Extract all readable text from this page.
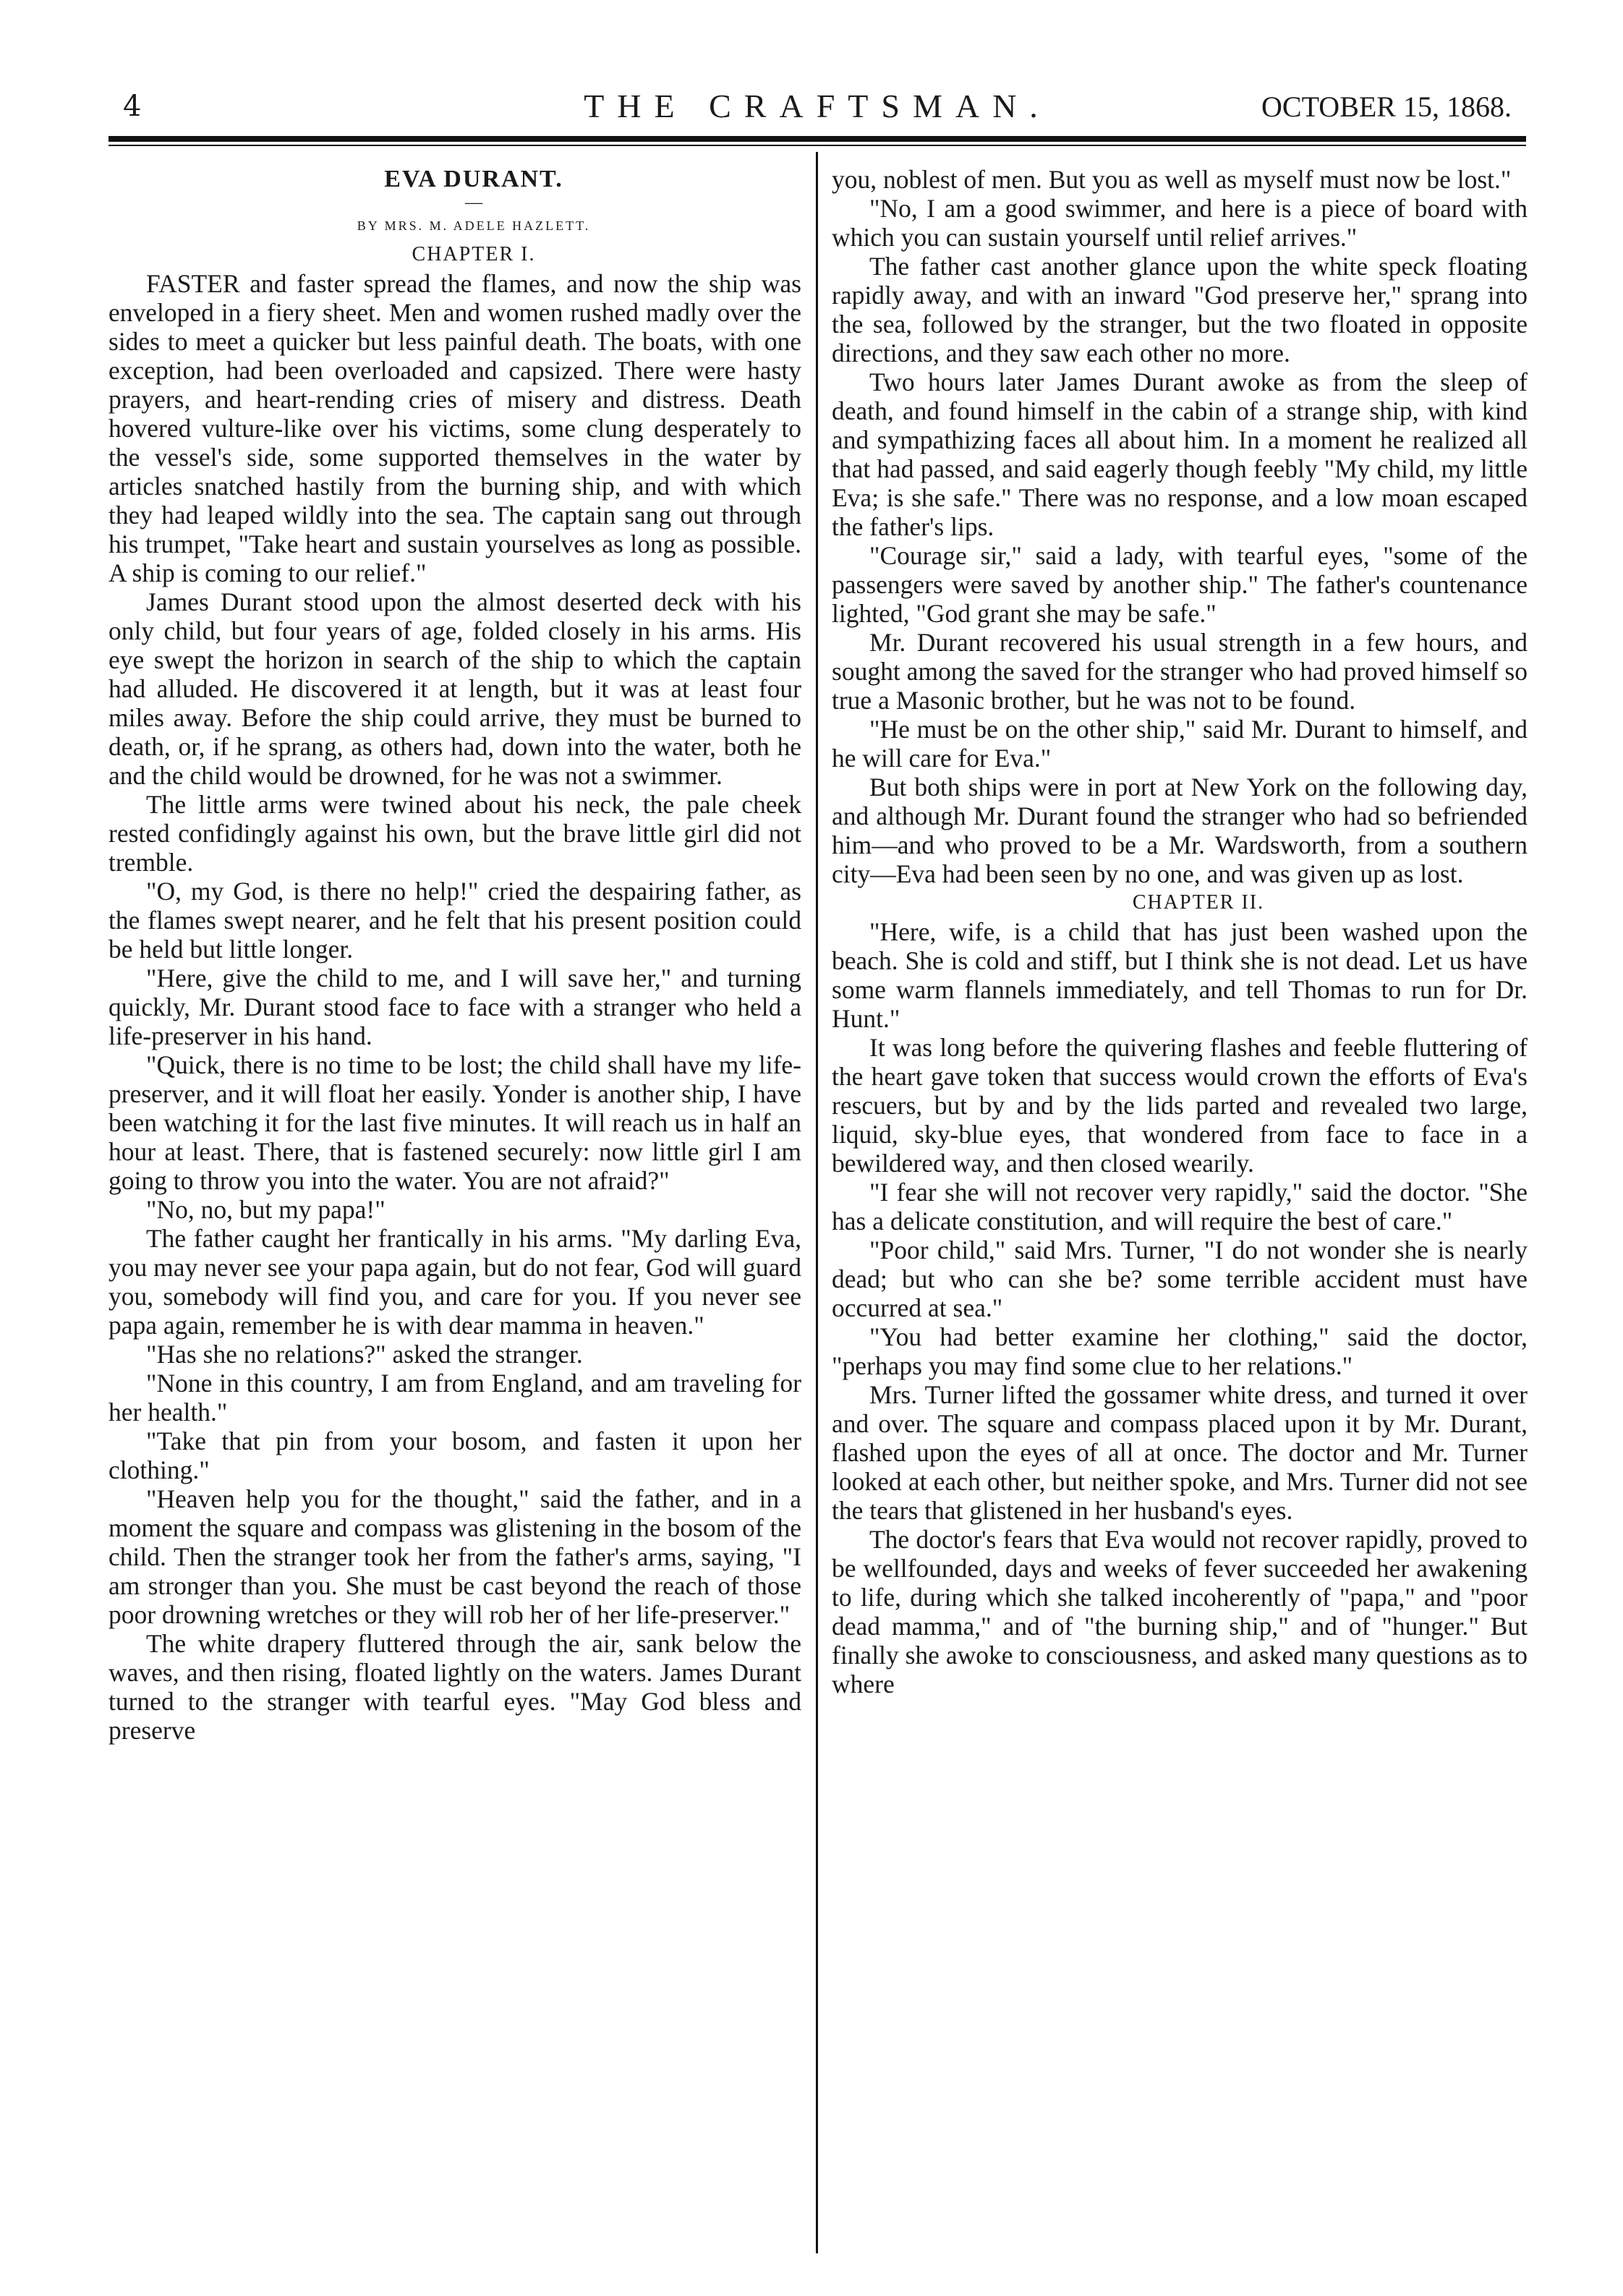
4	THE CRAFTSMAN.	OCTOBER 15, 1868.

EVA DURANT.

—

BY MRS. M. ADELE HAZLETT.

CHAPTER I.

FASTER and faster spread the flames, and now the ship was enveloped in a fiery sheet. Men and women rushed madly over the sides to meet a quicker but less painful death. The boats, with one exception, had been overloaded and capsized. There were hasty prayers, and heart-rending cries of misery and distress. Death hovered vulture-like over his victims, some clung desperately to the vessel's side, some supported themselves in the water by articles snatched hastily from the burning ship, and with which they had leaped wildly into the sea. The captain sang out through his trumpet, "Take heart and sustain yourselves as long as possible. A ship is coming to our relief."

James Durant stood upon the almost deserted deck with his only child, but four years of age, folded closely in his arms. His eye swept the horizon in search of the ship to which the captain had alluded. He discovered it at length, but it was at least four miles away. Before the ship could arrive, they must be burned to death, or, if he sprang, as others had, down into the water, both he and the child would be drowned, for he was not a swimmer.

The little arms were twined about his neck, the pale cheek rested confidingly against his own, but the brave little girl did not tremble.

"O, my God, is there no help!" cried the despairing father, as the flames swept nearer, and he felt that his present position could be held but little longer.

"Here, give the child to me, and I will save her," and turning quickly, Mr. Durant stood face to face with a stranger who held a life-preserver in his hand.

"Quick, there is no time to be lost; the child shall have my life-preserver, and it will float her easily. Yonder is another ship, I have been watching it for the last five minutes. It will reach us in half an hour at least. There, that is fastened securely: now little girl I am going to throw you into the water. You are not afraid?"

"No, no, but my papa!"

The father caught her frantically in his arms. "My darling Eva, you may never see your papa again, but do not fear, God will guard you, somebody will find you, and care for you. If you never see papa again, remember he is with dear mamma in heaven."

"Has she no relations?" asked the stranger.

"None in this country, I am from England, and am traveling for her health."

"Take that pin from your bosom, and fasten it upon her clothing."

"Heaven help you for the thought," said the father, and in a moment the square and compass was glistening in the bosom of the child. Then the stranger took her from the father's arms, saying, "I am stronger than you. She must be cast beyond the reach of those poor drowning wretches or they will rob her of her life-preserver."

The white drapery fluttered through the air, sank below the waves, and then rising, floated lightly on the waters. James Durant turned to the stranger with tearful eyes. "May God bless and preserve

you, noblest of men. But you as well as myself must now be lost."

"No, I am a good swimmer, and here is a piece of board with which you can sustain yourself until relief arrives."

The father cast another glance upon the white speck floating rapidly away, and with an inward "God preserve her," sprang into the sea, followed by the stranger, but the two floated in opposite directions, and they saw each other no more.

Two hours later James Durant awoke as from the sleep of death, and found himself in the cabin of a strange ship, with kind and sympathizing faces all about him. In a moment he realized all that had passed, and said eagerly though feebly "My child, my little Eva; is she safe." There was no response, and a low moan escaped the father's lips.

"Courage sir," said a lady, with tearful eyes, "some of the passengers were saved by another ship." The father's countenance lighted, "God grant she may be safe."

Mr. Durant recovered his usual strength in a few hours, and sought among the saved for the stranger who had proved himself so true a Masonic brother, but he was not to be found.

"He must be on the other ship," said Mr. Durant to himself, and he will care for Eva."

But both ships were in port at New York on the following day, and although Mr. Durant found the stranger who had so befriended him—and who proved to be a Mr. Wardsworth, from a southern city—Eva had been seen by no one, and was given up as lost.

CHAPTER II.

"Here, wife, is a child that has just been washed upon the beach. She is cold and stiff, but I think she is not dead. Let us have some warm flannels immediately, and tell Thomas to run for Dr. Hunt."

It was long before the quivering flashes and feeble fluttering of the heart gave token that success would crown the efforts of Eva's rescuers, but by and by the lids parted and revealed two large, liquid, sky-blue eyes, that wondered from face to face in a bewildered way, and then closed wearily.

"I fear she will not recover very rapidly," said the doctor. "She has a delicate constitution, and will require the best of care."

"Poor child," said Mrs. Turner, "I do not wonder she is nearly dead; but who can she be? some terrible accident must have occurred at sea."

"You had better examine her clothing," said the doctor, "perhaps you may find some clue to her relations."

Mrs. Turner lifted the gossamer white dress, and turned it over and over. The square and compass placed upon it by Mr. Durant, flashed upon the eyes of all at once. The doctor and Mr. Turner looked at each other, but neither spoke, and Mrs. Turner did not see the tears that glistened in her husband's eyes.

The doctor's fears that Eva would not recover rapidly, proved to be wellfounded, days and weeks of fever succeeded her awakening to life, during which she talked incoherently of "papa," and "poor dead mamma," and of "the burning ship," and of "hunger." But finally she awoke to consciousness, and asked many questions as to where
